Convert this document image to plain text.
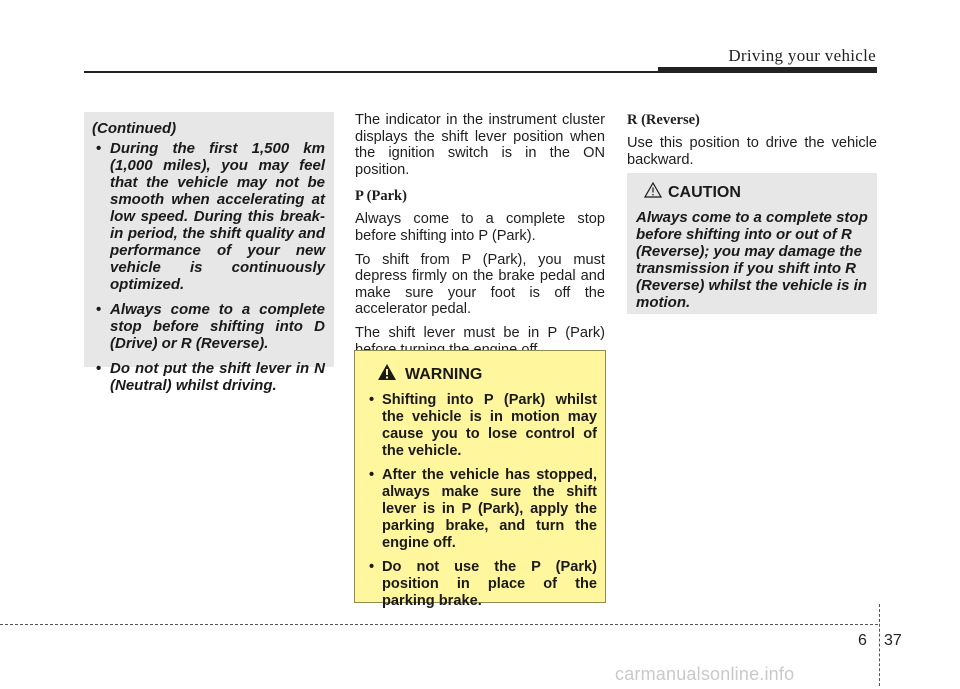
Driving your vehicle
(Continued)
• During the first 1,500 km (1,000 miles), you may feel that the vehicle may not be smooth when accelerating at low speed. During this break-in period, the shift quality and performance of your new vehicle is continuously optimized.
• Always come to a complete stop before shifting into D (Drive) or R (Reverse).
• Do not put the shift lever in N (Neutral) whilst driving.

The indicator in the instrument cluster displays the shift lever position when the ignition switch is in the ON position.

P (Park)

Always come to a complete stop before shifting into P (Park).

To shift from P (Park), you must depress firmly on the brake pedal and make sure your foot is off the accelerator pedal.

The shift lever must be in P (Park)

WARNING
• Shifting into P (Park) whilst the vehicle is in motion may cause you to lose control of the vehicle.
• After the vehicle has stopped, always make sure the shift lever is in P (Park), apply the parking brake, and turn the engine off.
• Do not use the P (Park) position in place of the parking brake.
R (Reverse)

Use this position to drive the vehicle backward.

CAUTION

Always come to a complete stop before shifting into or out of R (Reverse); you may damage the transmission if you shift into R (Reverse) whilst the vehicle is in motion.

6 37
carmanualsonline.info
